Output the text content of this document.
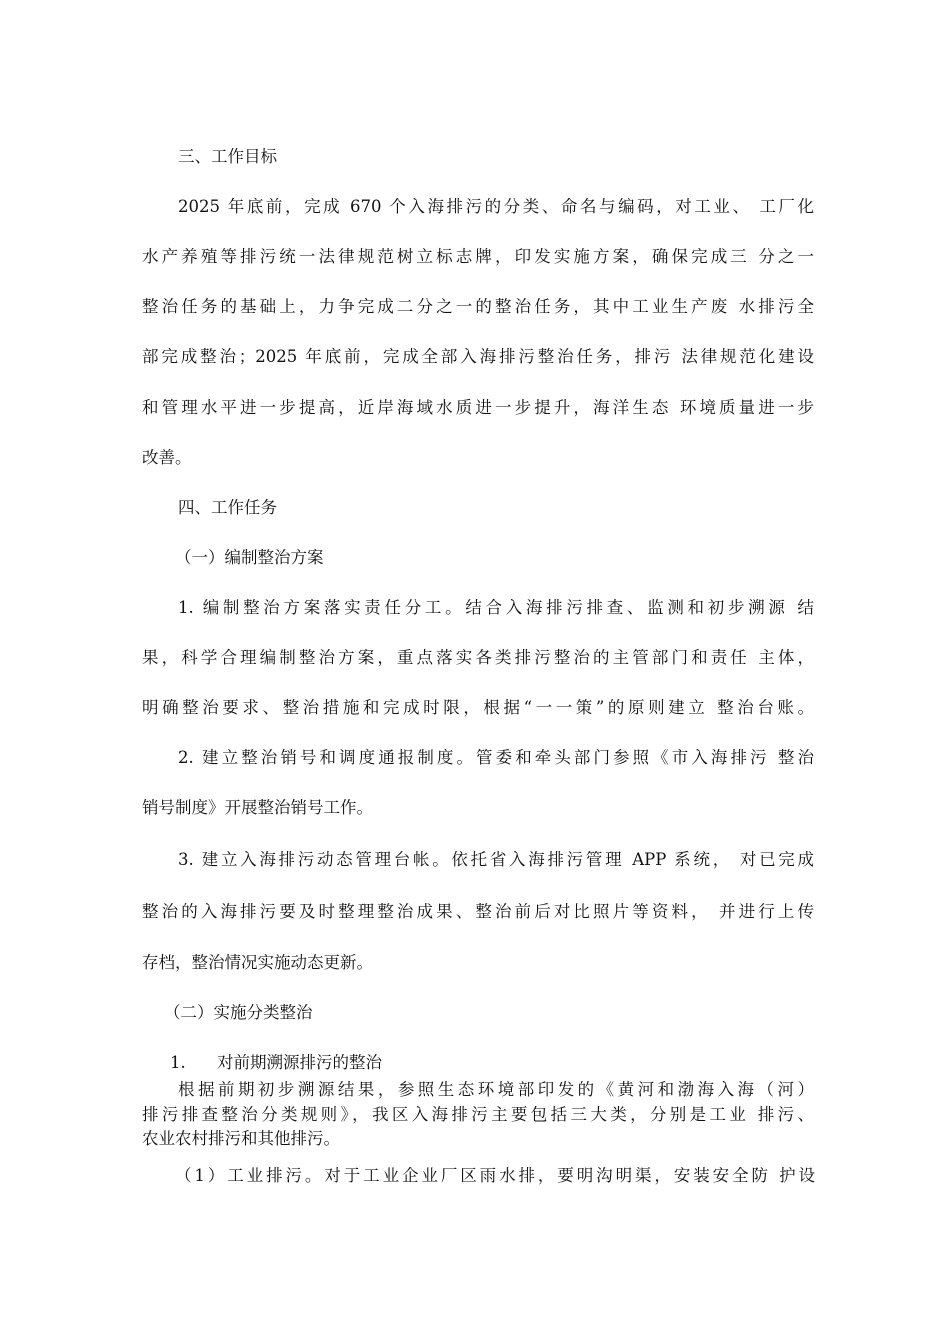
三、工作目标
2025 年底前，完成 670 个入海排污的分类、命名与编码，对工业、 工厂化
水产养殖等排污统一法律规范树立标志牌，印发实施方案，确保完成三 分之一
整治任务的基础上，力争完成二分之一的整治任务，其中工业生产废 水排污全
部完成整治；2025 年底前，完成全部入海排污整治任务，排污 法律规范化建设
和管理水平进一步提高，近岸海域水质进一步提升，海洋生态 环境质量进一步
改善。
四、工作任务
（一）编制整治方案
1. 编制整治方案落实责任分工。结合入海排污排查、监测和初步溯源 结
果，科学合理编制整治方案，重点落实各类排污整治的主管部门和责任 主体，
明确整治要求、整治措施和完成时限，根据“一一策”的原则建立 整治台账。
2. 建立整治销号和调度通报制度。管委和牵头部门参照《市入海排污 整治
销号制度》开展整治销号工作。
3. 建立入海排污动态管理台帐。依托省入海排污管理 APP 系统， 对已完成
整治的入海排污要及时整理整治成果、整治前后对比照片等资料， 并进行上传
存档，整治情况实施动态更新。
（二）实施分类整治
1.	对前期溯源排污的整治
根据前期初步溯源结果，参照生态环境部印发的《黄河和渤海入海（河）
排污排查整治分类规则》，我区入海排污主要包括三大类，分别是工业 排污、
农业农村排污和其他排污。
（1）工业排污。对于工业企业厂区雨水排，要明沟明渠，安装安全防 护设
